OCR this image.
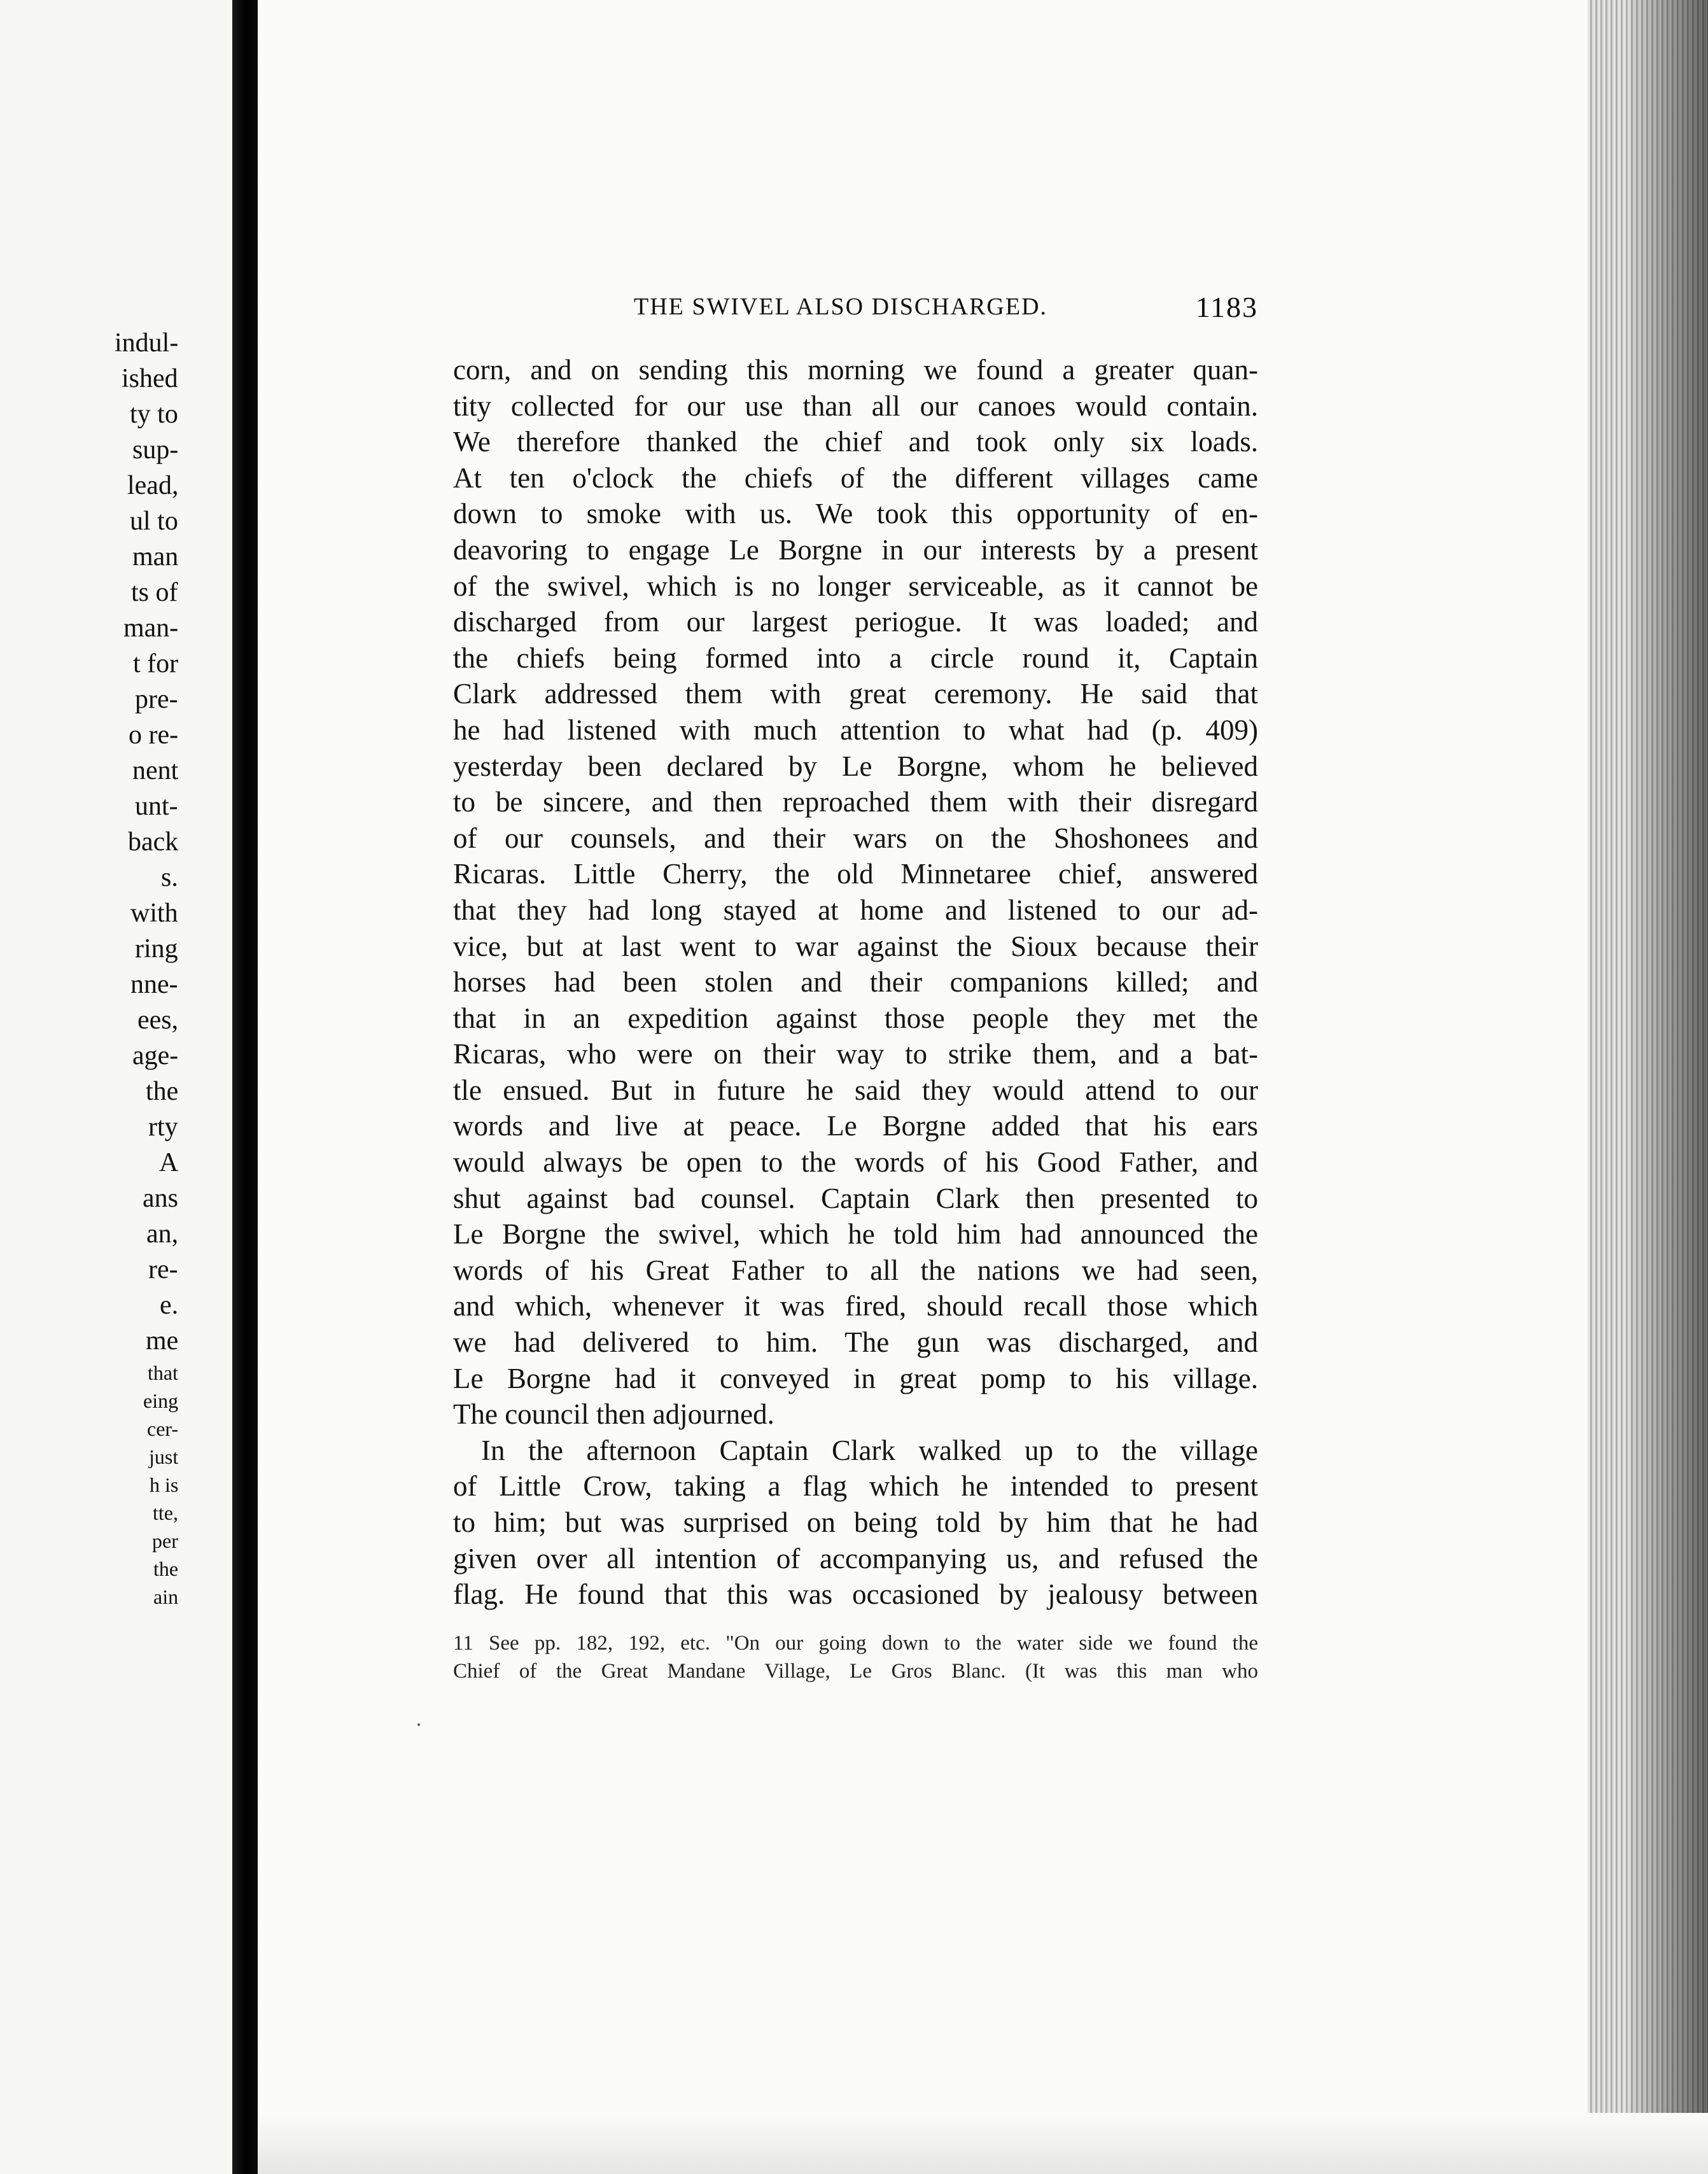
indul-
ished
ty to
sup-
lead,
ul to
man
ts of
man-
t for
pre-
o re-
nent
unt-
back
s.
with
ring
nne-
ees,
age-
the
rty
A
ans
an,
re-
e.
me
that
eing
cer-
just
h is
tte,
per
the
ain
THE SWIVEL ALSO DISCHARGED.	1183
corn, and on sending this morning we found a greater quan-
tity collected for our use than all our canoes would contain.
We therefore thanked the chief and took only six loads.
At ten o'clock the chiefs of the different villages came
down to smoke with us. We took this opportunity of en-
deavoring to engage Le Borgne in our interests by a present
of the swivel, which is no longer serviceable, as it cannot be
discharged from our largest periogue. It was loaded; and
the chiefs being formed into a circle round it, Captain
Clark addressed them with great ceremony. He said that
he had listened with much attention to what had (p. 409)
yesterday been declared by Le Borgne, whom he believed
to be sincere, and then reproached them with their disregard
of our counsels, and their wars on the Shoshonees and
Ricaras. Little Cherry, the old Minnetaree chief, answered
that they had long stayed at home and listened to our ad-
vice, but at last went to war against the Sioux because their
horses had been stolen and their companions killed; and
that in an expedition against those people they met the
Ricaras, who were on their way to strike them, and a bat-
tle ensued. But in future he said they would attend to our
words and live at peace. Le Borgne added that his ears
would always be open to the words of his Good Father, and
shut against bad counsel. Captain Clark then presented to
Le Borgne the swivel, which he told him had announced the
words of his Great Father to all the nations we had seen,
and which, whenever it was fired, should recall those which
we had delivered to him. The gun was discharged, and
Le Borgne had it conveyed in great pomp to his village.
The council then adjourned.
In the afternoon Captain Clark walked up to the village
of Little Crow, taking a flag which he intended to present
to him; but was surprised on being told by him that he had
given over all intention of accompanying us, and refused the
flag. He found that this was occasioned by jealousy between
11 See pp. 182, 192, etc. "On our going down to the water side we found the
Chief of the Great Mandane Village, Le Gros Blanc. (It was this man who
